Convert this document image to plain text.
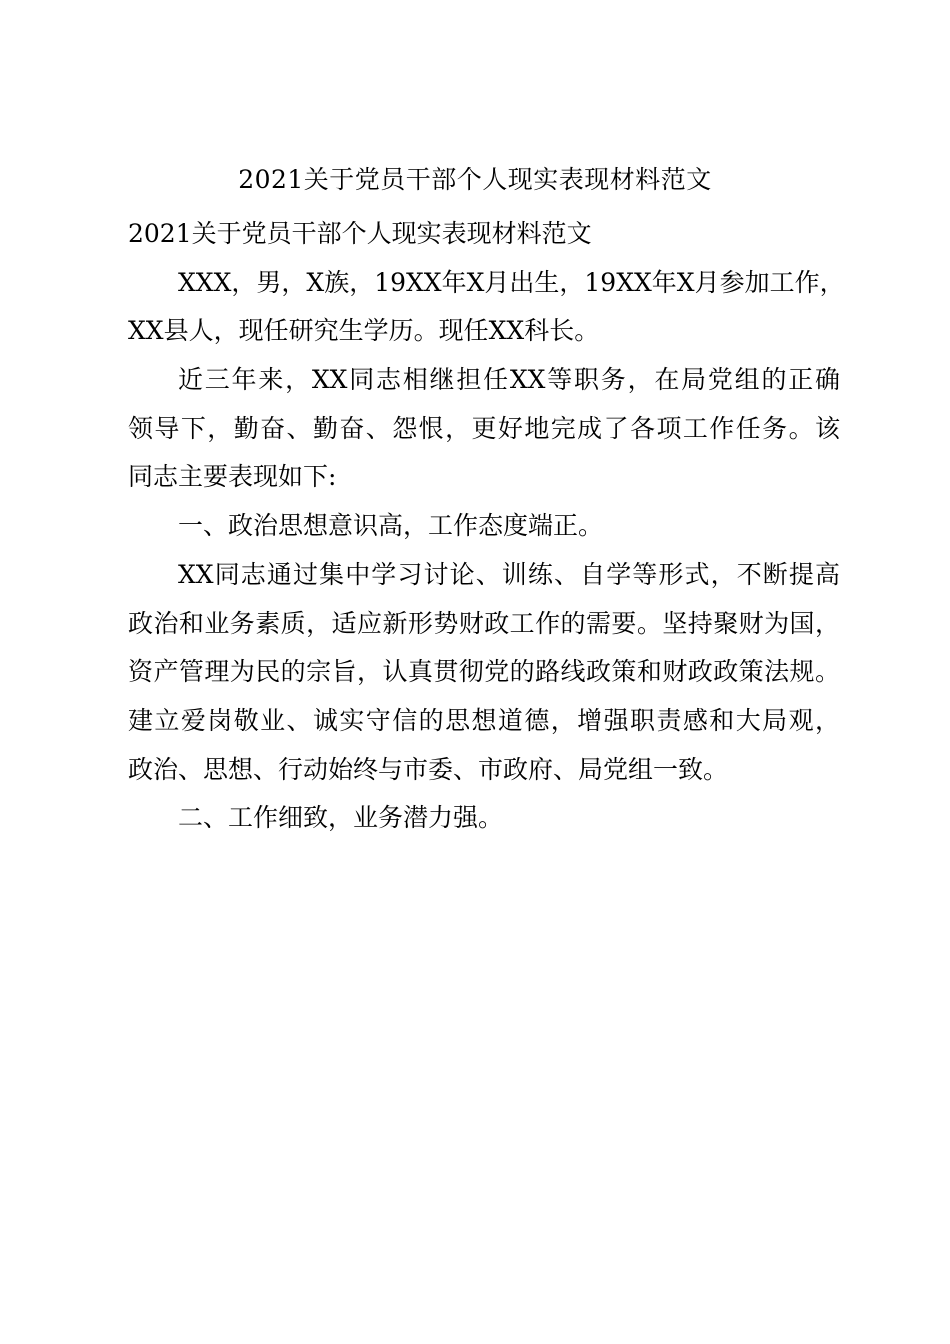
2021关于党员干部个人现实表现材料范文
2021关于党员干部个人现实表现材料范文
XXX，男，X族，19XX年X月出生，19XX年X月参加工作，
XX县人，现任研究生学历。现任XX科长。
近三年来，XX同志相继担任XX等职务，在局党组的正确
领导下，勤奋、勤奋、怨恨，更好地完成了各项工作任务。该
同志主要表现如下:
一、政治思想意识高，工作态度端正。
XX同志通过集中学习讨论、训练、自学等形式，不断提高
政治和业务素质，适应新形势财政工作的需要。坚持聚财为国，
资产管理为民的宗旨，认真贯彻党的路线政策和财政政策法规。
建立爱岗敬业、诚实守信的思想道德，增强职责感和大局观，
政治、思想、行动始终与市委、市政府、局党组一致。
二、工作细致，业务潜力强。
